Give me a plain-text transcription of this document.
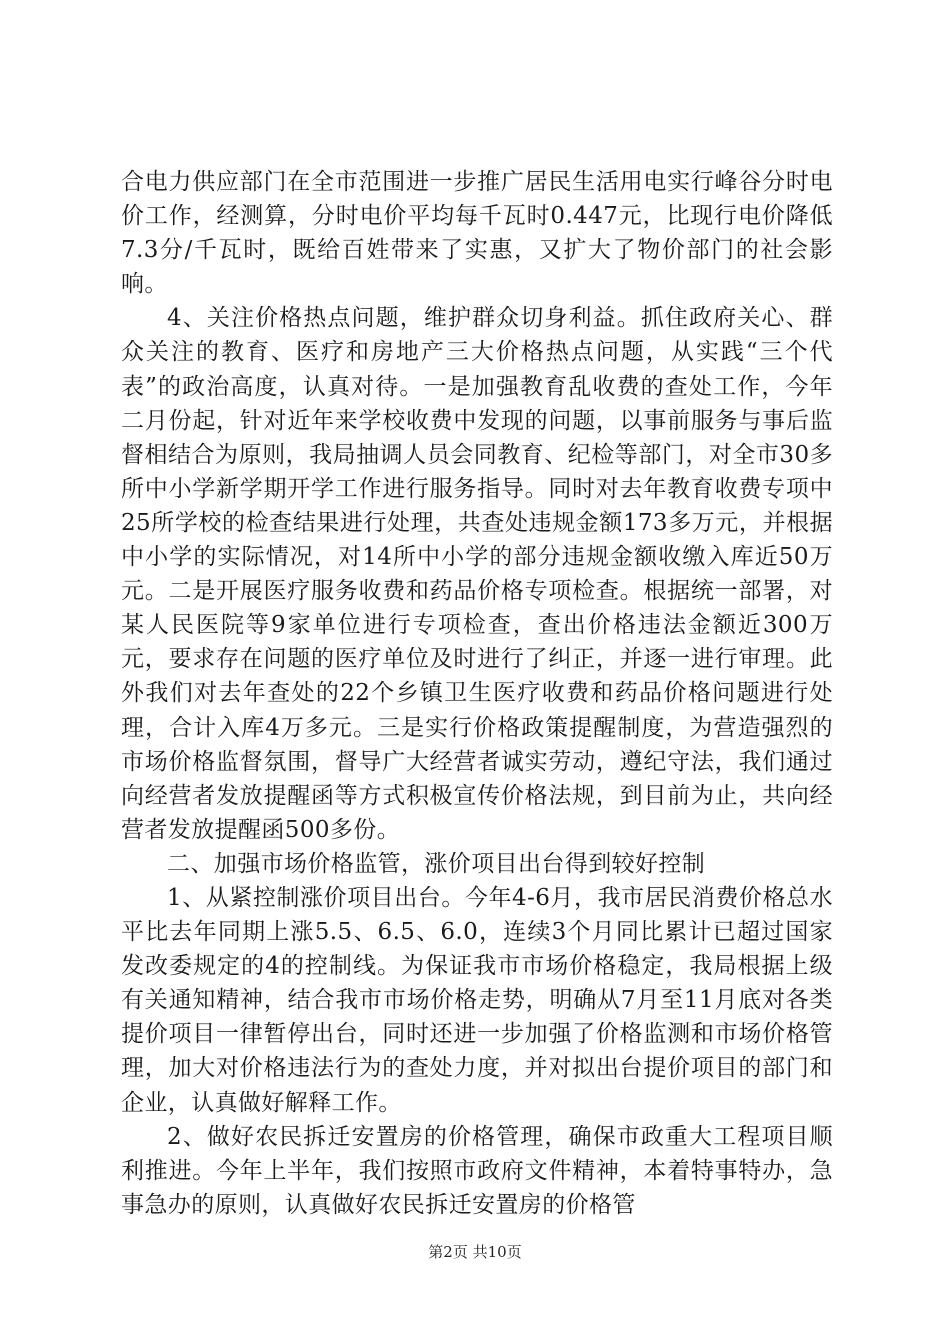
合电力供应部门在全市范围进一步推广居民生活用电实行峰谷分时电价工作，经测算，分时电价平均每千瓦时0.447元，比现行电价降低7.3分/千瓦时，既给百姓带来了实惠，又扩大了物价部门的社会影响。

4、关注价格热点问题，维护群众切身利益。抓住政府关心、群众关注的教育、医疗和房地产三大价格热点问题，从实践“三个代表”的政治高度，认真对待。一是加强教育乱收费的查处工作，今年二月份起，针对近年来学校收费中发现的问题，以事前服务与事后监督相结合为原则，我局抽调人员会同教育、纪检等部门，对全市30多所中小学新学期开学工作进行服务指导。同时对去年教育收费专项中25所学校的检查结果进行处理，共查处违规金额173多万元，并根据中小学的实际情况，对14所中小学的部分违规金额收缴入库近50万元。二是开展医疗服务收费和药品价格专项检查。根据统一部署，对某人民医院等9家单位进行专项检查，查出价格违法金额近300万元，要求存在问题的医疗单位及时进行了纠正，并逐一进行审理。此外我们对去年查处的22个乡镇卫生医疗收费和药品价格问题进行处理，合计入库4万多元。三是实行价格政策提醒制度，为营造强烈的市场价格监督氛围，督导广大经营者诚实劳动，遵纪守法，我们通过向经营者发放提醒函等方式积极宣传价格法规，到目前为止，共向经营者发放提醒函500多份。

二、加强市场价格监管，涨价项目出台得到较好控制

1、从紧控制涨价项目出台。今年4-6月，我市居民消费价格总水平比去年同期上涨5.5、6.5、6.0，连续3个月同比累计已超过国家发改委规定的4的控制线。为保证我市市场价格稳定，我局根据上级有关通知精神，结合我市市场价格走势，明确从7月至11月底对各类提价项目一律暂停出台，同时还进一步加强了价格监测和市场价格管理，加大对价格违法行为的查处力度，并对拟出台提价项目的部门和企业，认真做好解释工作。

2、做好农民拆迁安置房的价格管理，确保市政重大工程项目顺利推进。今年上半年，我们按照市政府文件精神，本着特事特办，急事急办的原则，认真做好农民拆迁安置房的价格管

第2页 共10页
